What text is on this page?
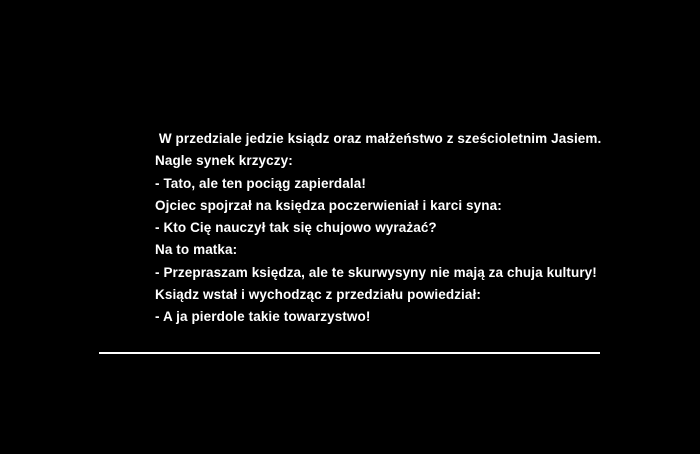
W przedziale jedzie ksiądz oraz małżeństwo z sześcioletnim Jasiem.
Nagle synek krzyczy:
- Tato, ale ten pociąg zapierdala!
Ojciec spojrzał na księdza poczerwieniał i karci syna:
- Kto Cię nauczył tak się chujowo wyrażać?
Na to matka:
- Przepraszam księdza, ale te skurwysyny nie mają za chuja kultury!
Ksiądz wstał i wychodząc z przedziału powiedział:
- A ja pierdole takie towarzystwo!
